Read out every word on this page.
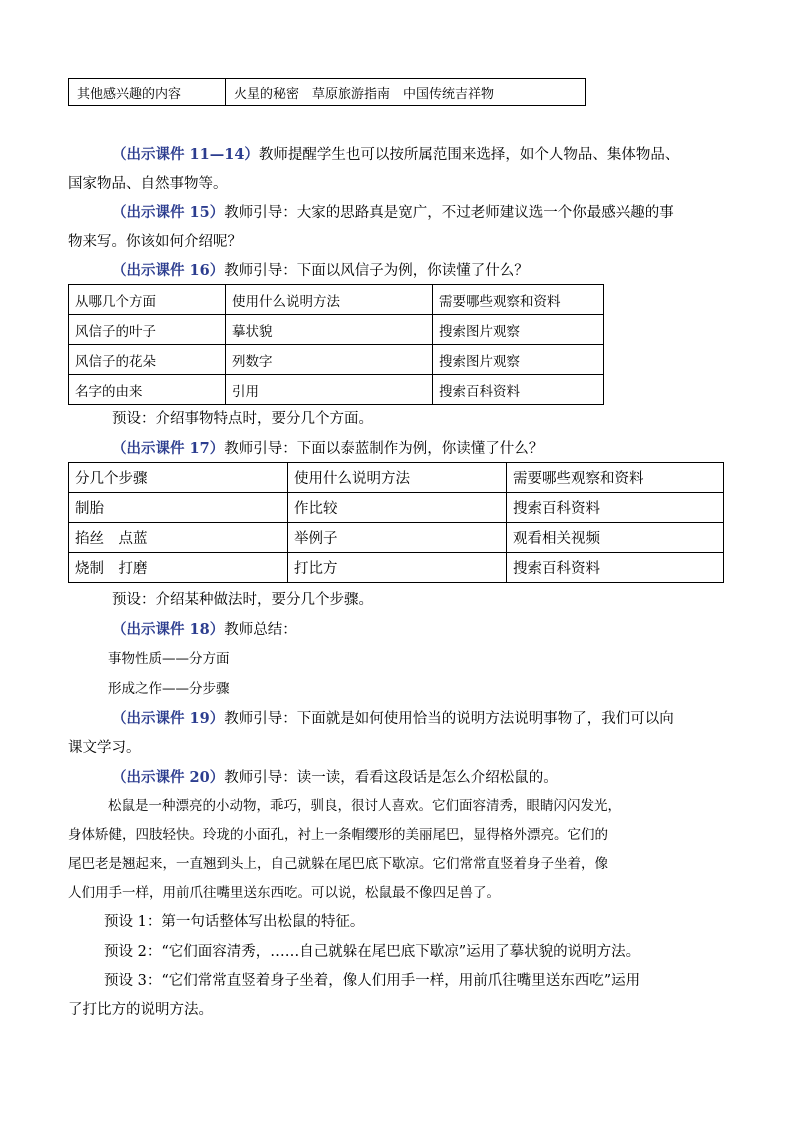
其他感兴趣的内容	火星的秘密　草原旅游指南　中国传统吉祥物

（出示课件 11—14）教师提醒学生也可以按所属范围来选择，如个人物品、集体物品、
国家物品、自然事物等。

（出示课件 15）教师引导：大家的思路真是宽广，不过老师建议选一个你最感兴趣的事
物来写。你该如何介绍呢？

（出示课件 16）教师引导：下面以风信子为例，你读懂了什么？

从哪几个方面	使用什么说明方法	需要哪些观察和资料
风信子的叶子	摹状貌	搜索图片观察
风信子的花朵	列数字	搜索图片观察
名字的由来	引用	搜索百科资料

预设：介绍事物特点时，要分几个方面。

（出示课件 17）教师引导：下面以泰蓝制作为例，你读懂了什么？

分几个步骤	使用什么说明方法	需要哪些观察和资料
制胎	作比较	搜索百科资料
掐丝　点蓝	举例子	观看相关视频
烧制　打磨	打比方	搜索百科资料

预设：介绍某种做法时，要分几个步骤。

（出示课件 18）教师总结：

事物性质——分方面

形成之作——分步骤

（出示课件 19）教师引导：下面就是如何使用恰当的说明方法说明事物了，我们可以向
课文学习。

（出示课件 20）教师引导：读一读，看看这段话是怎么介绍松鼠的。

松鼠是一种漂亮的小动物，乖巧，驯良，很讨人喜欢。它们面容清秀，眼睛闪闪发光，
身体矫健，四肢轻快。玲珑的小面孔，衬上一条帽缨形的美丽尾巴，显得格外漂亮。它们的
尾巴老是翘起来，一直翘到头上，自己就躲在尾巴底下歇凉。它们常常直竖着身子坐着，像
人们用手一样，用前爪往嘴里送东西吃。可以说，松鼠最不像四足兽了。

预设 1：第一句话整体写出松鼠的特征。

预设 2：“它们面容清秀，……自己就躲在尾巴底下歇凉”运用了摹状貌的说明方法。

预设 3：“它们常常直竖着身子坐着，像人们用手一样，用前爪往嘴里送东西吃”运用
了打比方的说明方法。
